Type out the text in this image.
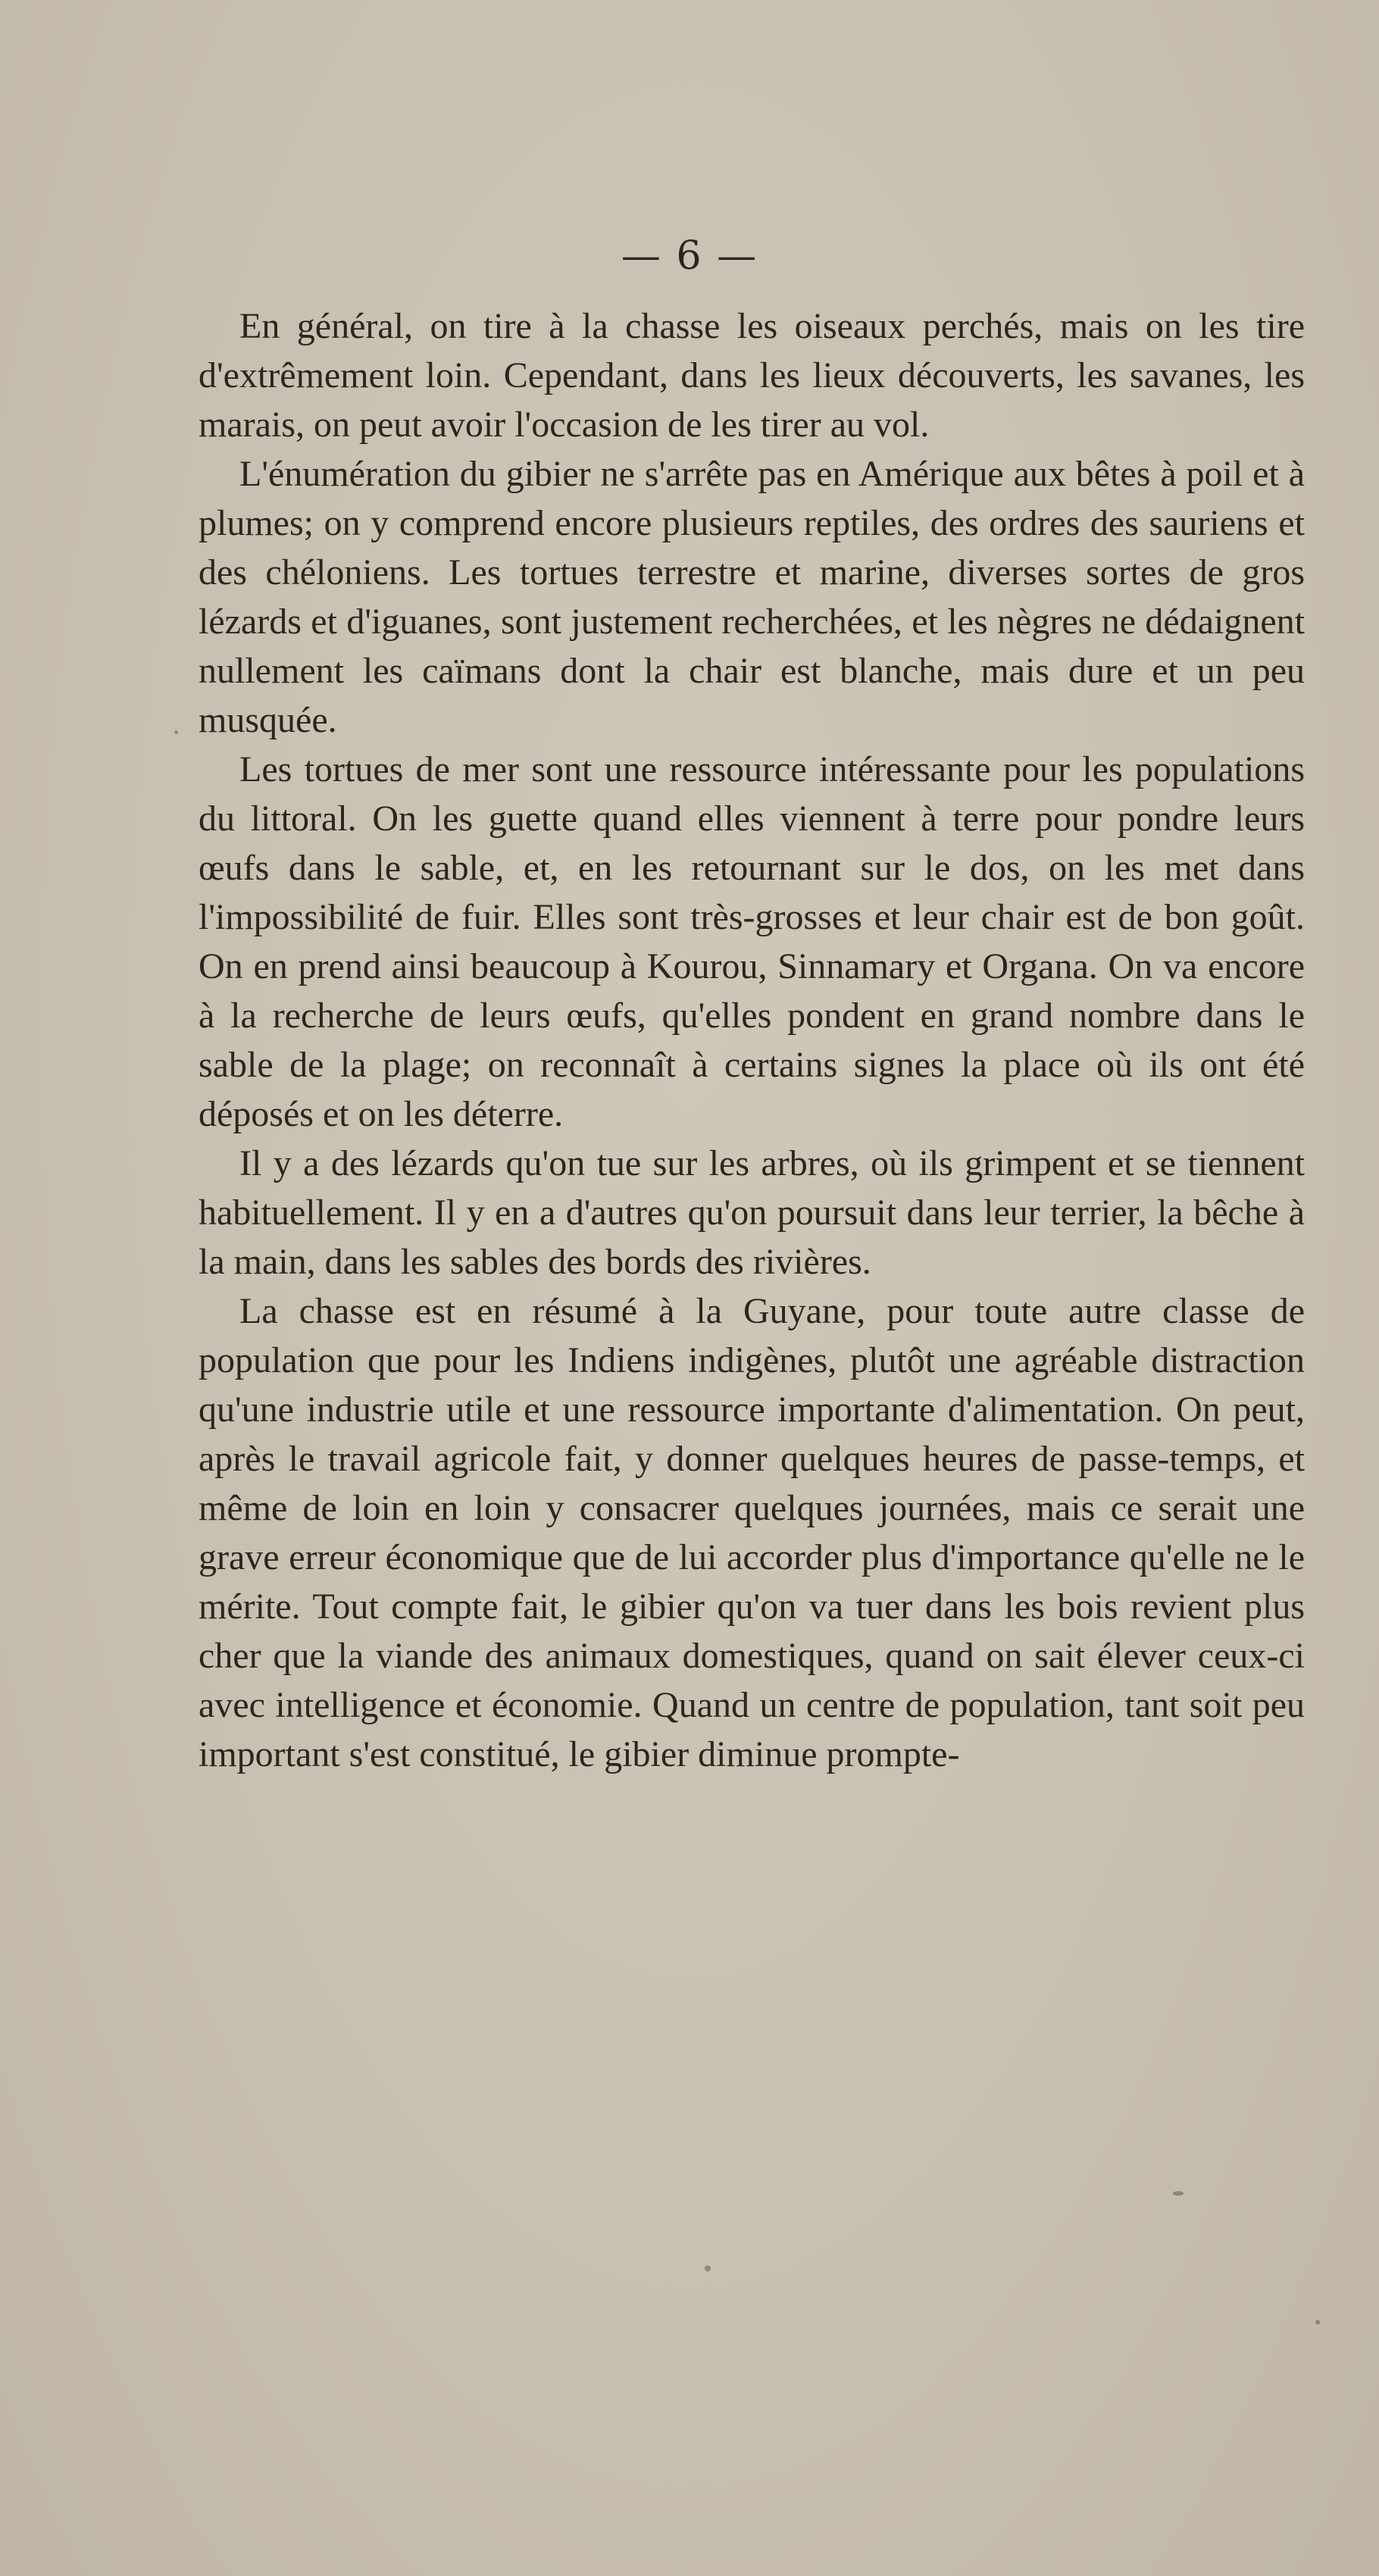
— 6 —

En général, on tire à la chasse les oiseaux perchés, mais on les tire d'extrêmement loin. Cependant, dans les lieux découverts, les savanes, les marais, on peut avoir l'occasion de les tirer au vol.

L'énumération du gibier ne s'arrête pas en Amérique aux bêtes à poil et à plumes; on y comprend encore plusieurs reptiles, des ordres des sauriens et des chéloniens. Les tortues terrestre et marine, diverses sortes de gros lézards et d'iguanes, sont justement recherchées, et les nègres ne dédaignent nullement les caïmans dont la chair est blanche, mais dure et un peu musquée.

Les tortues de mer sont une ressource intéressante pour les populations du littoral. On les guette quand elles viennent à terre pour pondre leurs œufs dans le sable, et, en les retournant sur le dos, on les met dans l'impossibilité de fuir. Elles sont très-grosses et leur chair est de bon goût. On en prend ainsi beaucoup à Kourou, Sinnamary et Organa. On va encore à la recherche de leurs œufs, qu'elles pondent en grand nombre dans le sable de la plage; on reconnaît à certains signes la place où ils ont été déposés et on les déterre.

Il y a des lézards qu'on tue sur les arbres, où ils grimpent et se tiennent habituellement. Il y en a d'autres qu'on poursuit dans leur terrier, la bêche à la main, dans les sables des bords des rivières.

La chasse est en résumé à la Guyane, pour toute autre classe de population que pour les Indiens indigènes, plutôt une agréable distraction qu'une industrie utile et une ressource importante d'alimentation. On peut, après le travail agricole fait, y donner quelques heures de passe-temps, et même de loin en loin y consacrer quelques journées, mais ce serait une grave erreur économique que de lui accorder plus d'importance qu'elle ne le mérite. Tout compte fait, le gibier qu'on va tuer dans les bois revient plus cher que la viande des animaux domestiques, quand on sait élever ceux-ci avec intelligence et économie. Quand un centre de population, tant soit peu important s'est constitué, le gibier diminue prompte-
